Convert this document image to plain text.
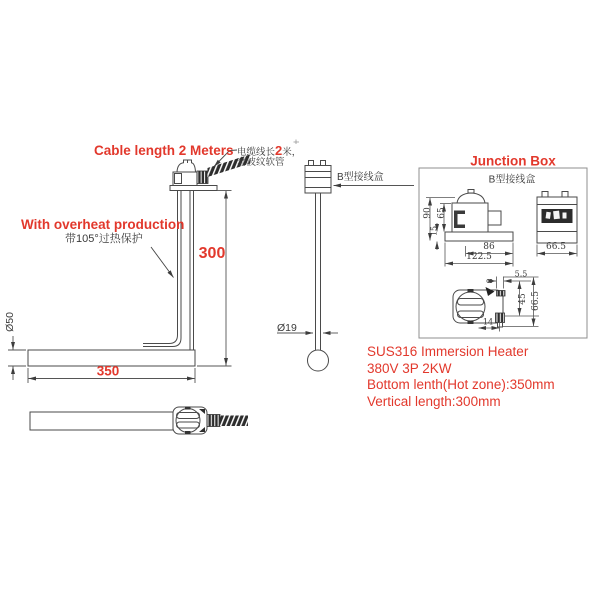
Cable length 2 Meters 电缆线长2米，
套波纹软管
With overheat production
带105°过热保护
300
350
Ø50	Ø19
B型接线盒
Junction Box
B型接线盒
90 65
15
86
122.5
66.5
8
5.5
45 66.5
14
SUS316 Immersion Heater
380V 3P 2KW
Bottom lenth(Hot zone):350mm
Vertical length:300mm
